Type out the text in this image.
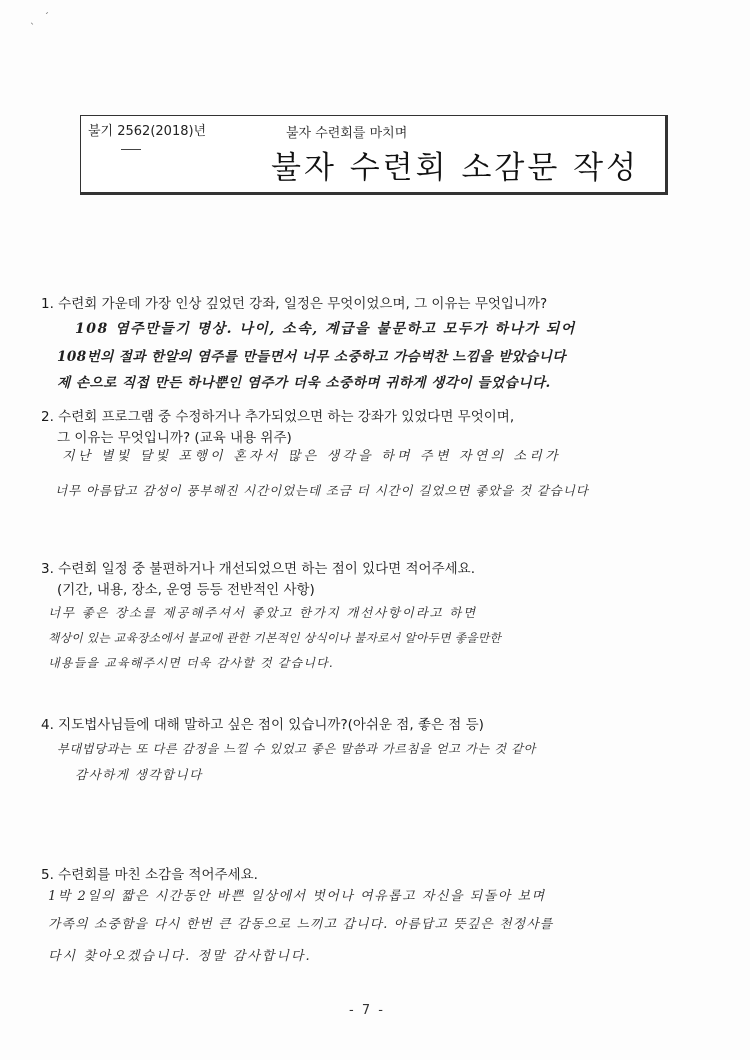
ˎ ˊ
불기 2562(2018)년	불자 수련회를 마치며
불자 수련회 소감문 작성
1. 수련회 가운데 가장 인상 깊었던 강좌, 일정은 무엇이었으며, 그 이유는 무엇입니까?
108 염주만들기 명상. 나이, 소속, 계급을 불문하고 모두가 하나가 되어
108번의 절과 한알의 염주를 만들면서 너무 소중하고 가슴벅찬 느낌을 받았습니다
제 손으로 직접 만든 하나뿐인 염주가 더욱 소중하며 귀하게 생각이 들었습니다.
2. 수련회 프로그램 중 수정하거나 추가되었으면 하는 강좌가 있었다면 무엇이며,
그 이유는 무엇입니까? (교육 내용 위주)
지난 별빛 달빛 포행이 혼자서 많은 생각을 하며 주변 자연의 소리가
너무 아름답고 감성이 풍부해진 시간이었는데 조금 더 시간이 길었으면 좋았을 것 같습니다
3. 수련회 일정 중 불편하거나 개선되었으면 하는 점이 있다면 적어주세요.
(기간, 내용, 장소, 운영 등등 전반적인 사항)
너무 좋은 장소를 제공해주셔서 좋았고 한가지 개선사항이라고 하면
책상이 있는 교육장소에서 불교에 관한 기본적인 상식이나 불자로서 알아두면 좋을만한
내용들을 교육해주시면 더욱 감사할 것 같습니다.
4. 지도법사님들에 대해 말하고 싶은 점이 있습니까?(아쉬운 점, 좋은 점 등)
부대법당과는 또 다른 감정을 느낄 수 있었고 좋은 말씀과 가르침을 얻고 가는 것 같아
감사하게 생각합니다
5. 수련회를 마친 소감을 적어주세요.
1박 2일의 짧은 시간동안 바쁜 일상에서 벗어나 여유롭고 자신을 되돌아 보며
가족의 소중함을 다시 한번 큰 감동으로 느끼고 갑니다. 아름답고 뜻깊은 천정사를
다시 찾아오겠습니다. 정말 감사합니다.
- 7 -
